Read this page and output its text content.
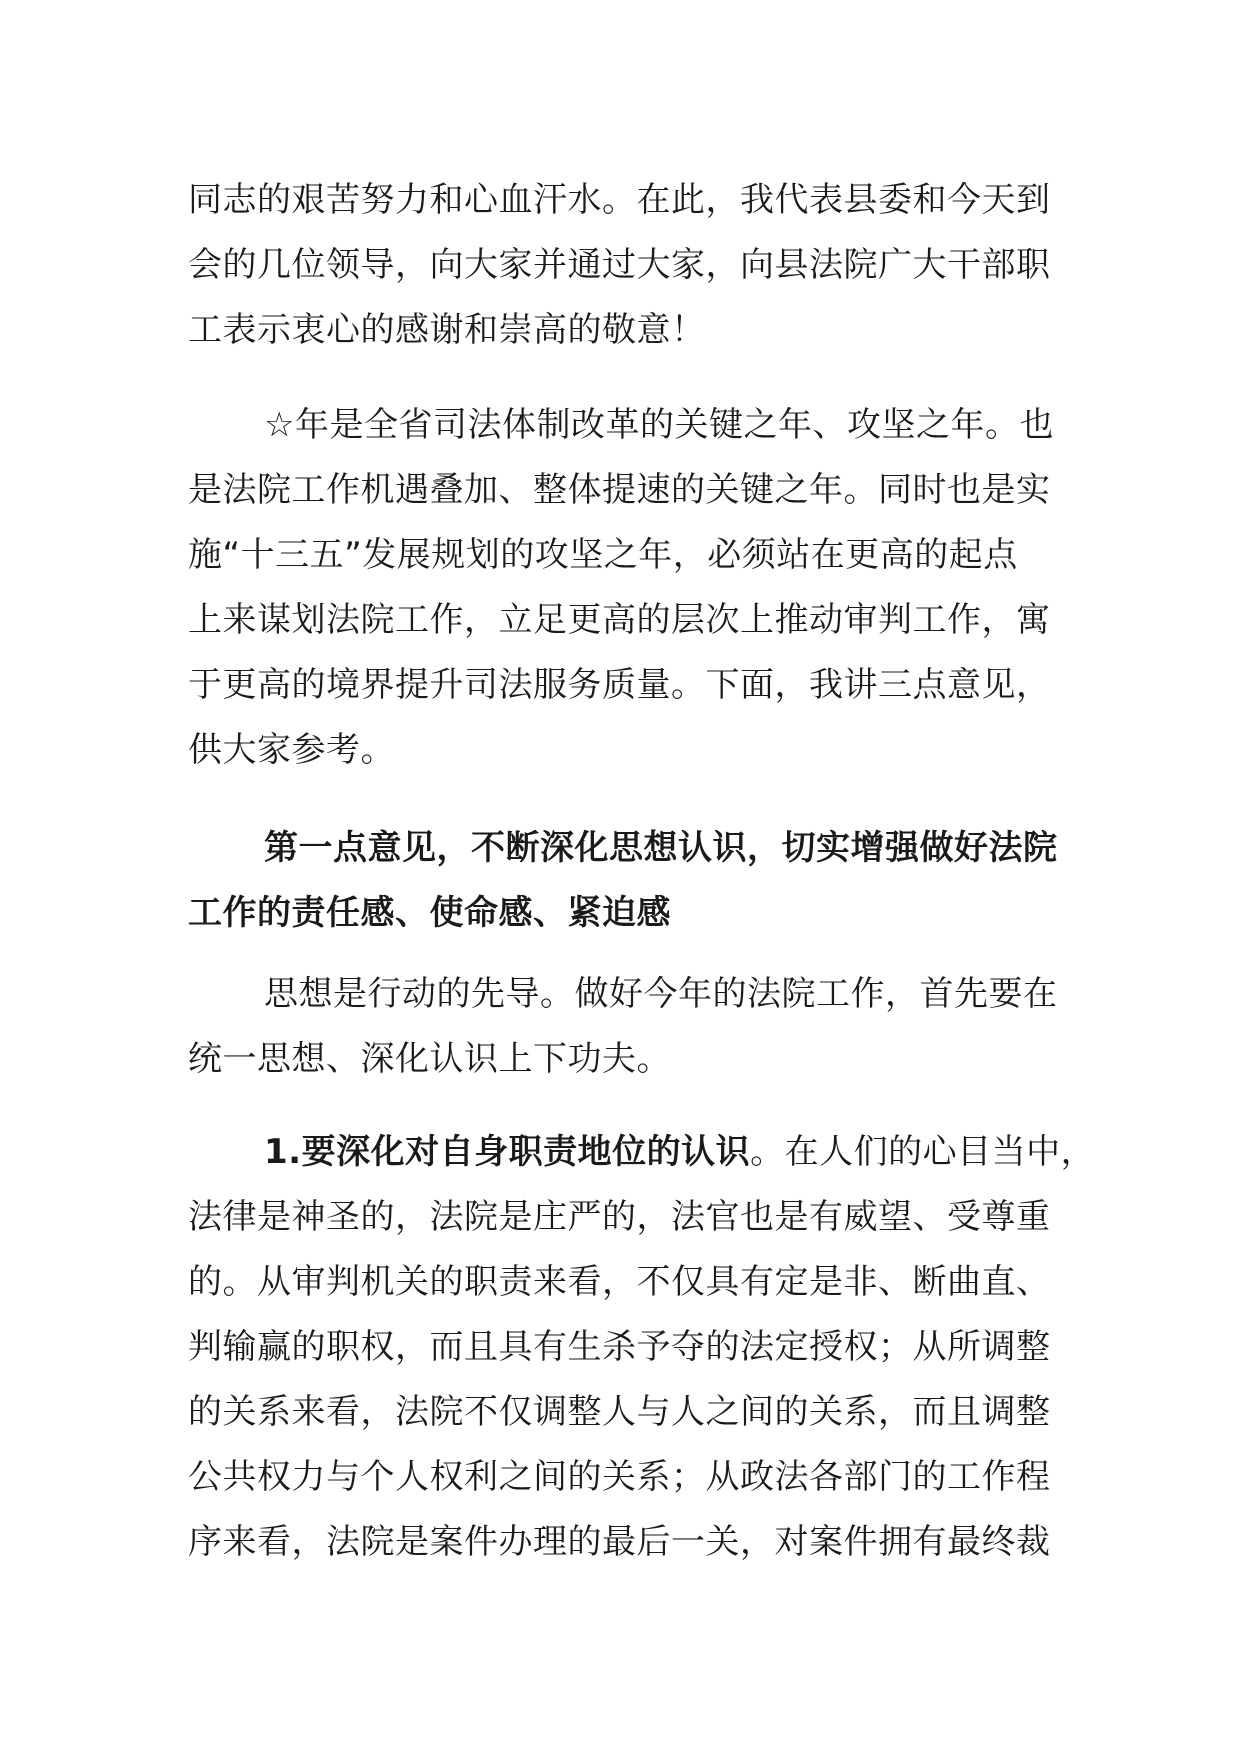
同志的艰苦努力和心血汗水。在此，我代表县委和今天到
会的几位领导，向大家并通过大家，向县法院广大干部职
工表示衷心的感谢和崇高的敬意！
☆年是全省司法体制改革的关键之年、攻坚之年。也
是法院工作机遇叠加、整体提速的关键之年。同时也是实
施“十三五”发展规划的攻坚之年，必须站在更高的起点
上来谋划法院工作，立足更高的层次上推动审判工作，寓
于更高的境界提升司法服务质量。下面，我讲三点意见，
供大家参考。
第一点意见，不断深化思想认识，切实增强做好法院
工作的责任感、使命感、紧迫感
思想是行动的先导。做好今年的法院工作，首先要在
统一思想、深化认识上下功夫。
1.要深化对自身职责地位的认识。在人们的心目当中，
法律是神圣的，法院是庄严的，法官也是有威望、受尊重
的。从审判机关的职责来看，不仅具有定是非、断曲直、
判输赢的职权，而且具有生杀予夺的法定授权；从所调整
的关系来看，法院不仅调整人与人之间的关系，而且调整
公共权力与个人权利之间的关系；从政法各部门的工作程
序来看，法院是案件办理的最后一关，对案件拥有最终裁
